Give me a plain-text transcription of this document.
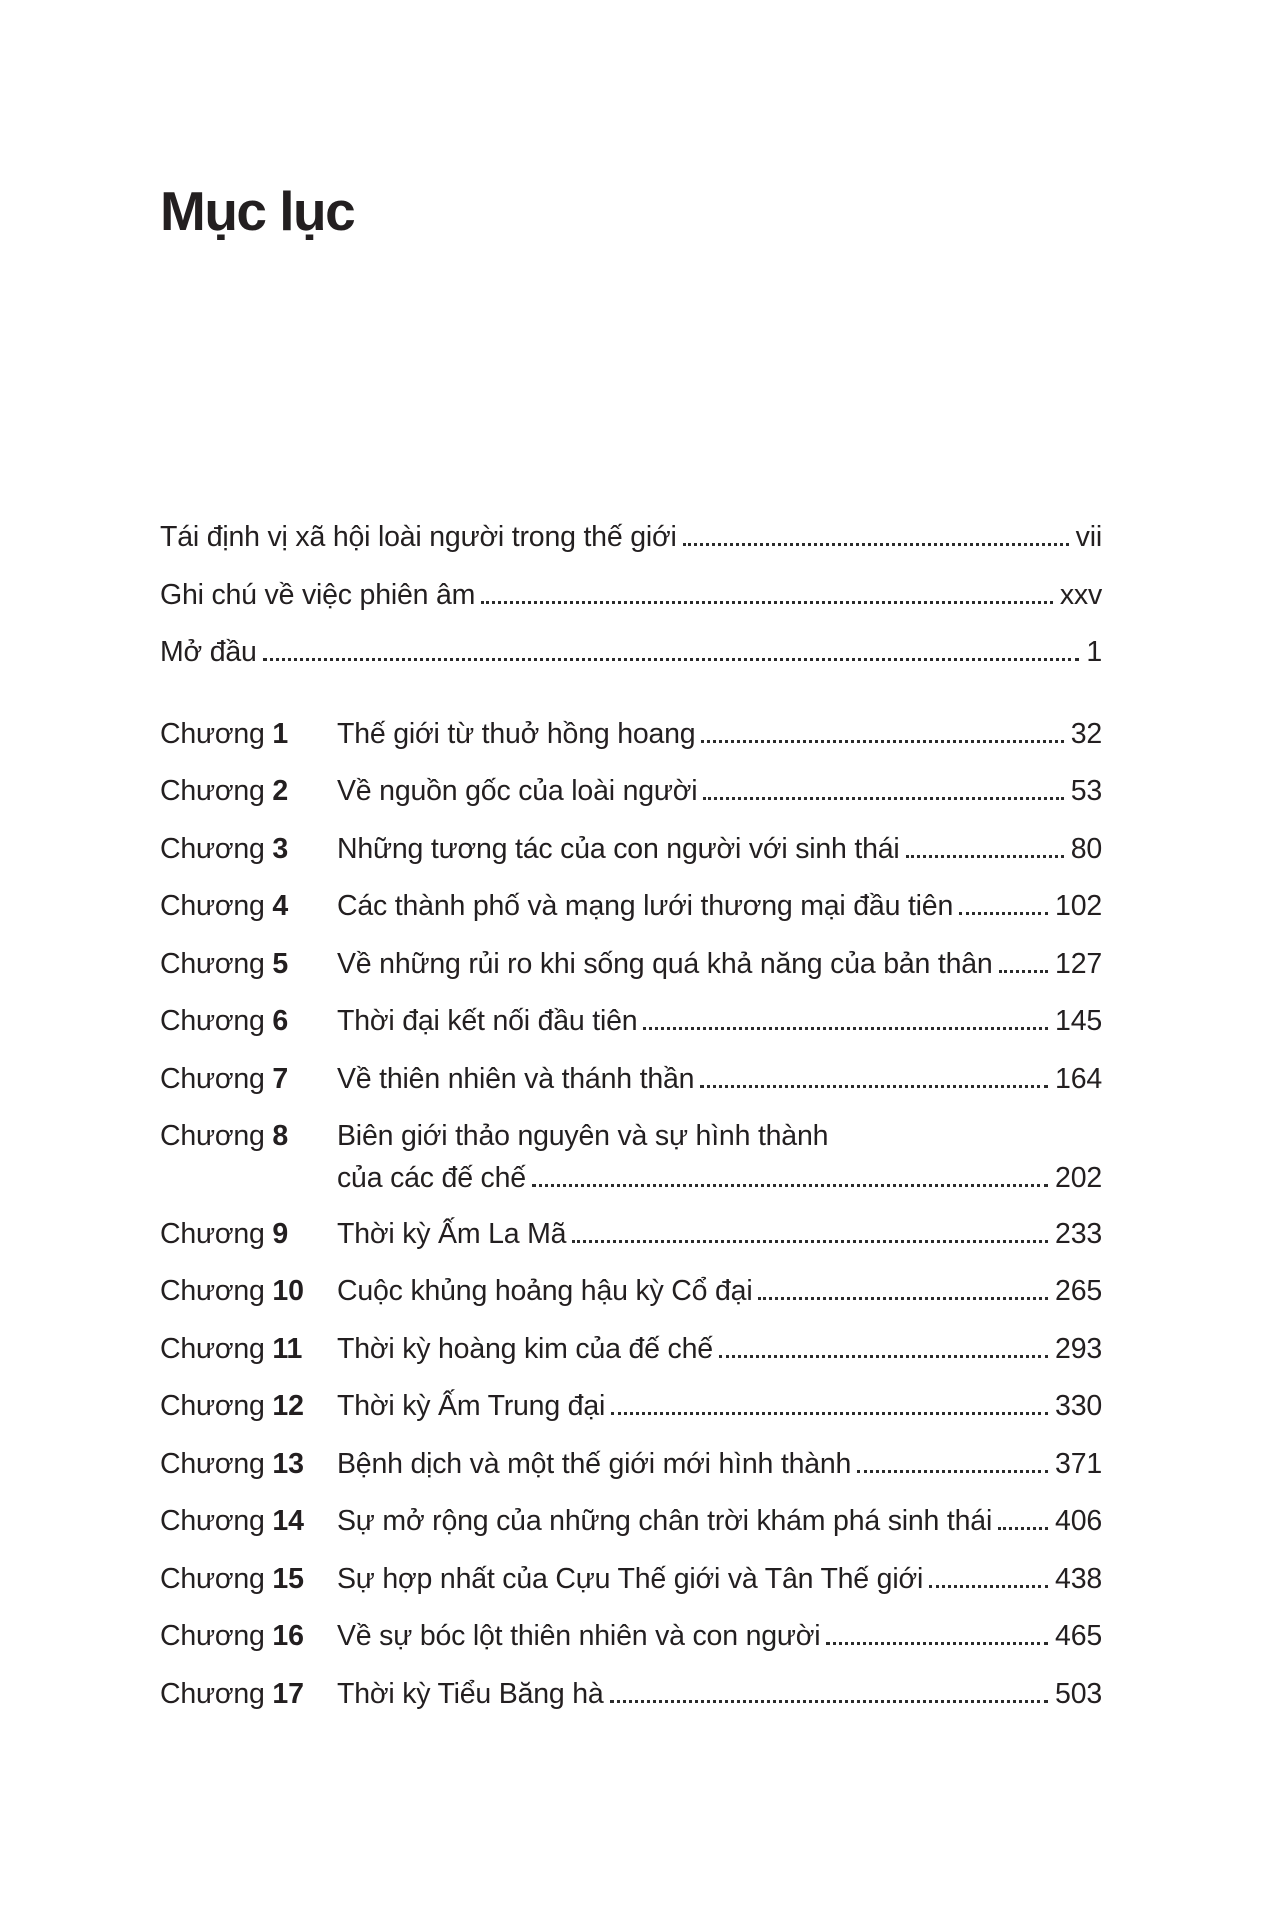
Mục lục
Tái định vị xã hội loài người trong thế giới	vii
Ghi chú về việc phiên âm	xxv
Mở đầu	1
Chương 1	Thế giới từ thuở hồng hoang	32
Chương 2	Về nguồn gốc của loài người	53
Chương 3	Những tương tác của con người với sinh thái	80
Chương 4	Các thành phố và mạng lưới thương mại đầu tiên	102
Chương 5	Về những rủi ro khi sống quá khả năng của bản thân 127
Chương 6	Thời đại kết nối đầu tiên	145
Chương 7	Về thiên nhiên và thánh thần	164
Chương 8	Biên giới thảo nguyên và sự hình thành
của các đế chế	202
Chương 9	Thời kỳ Ấm La Mã	233
Chương 10	Cuộc khủng hoảng hậu kỳ Cổ đại	265
Chương 11	Thời kỳ hoàng kim của đế chế	293
Chương 12	Thời kỳ Ấm Trung đại	330
Chương 13	Bệnh dịch và một thế giới mới hình thành	371
Chương 14	Sự mở rộng của những chân trời khám phá sinh thái 406
Chương 15	Sự hợp nhất của Cựu Thế giới và Tân Thế giới	438
Chương 16	Về sự bóc lột thiên nhiên và con người	465
Chương 17	Thời kỳ Tiểu Băng hà	503
